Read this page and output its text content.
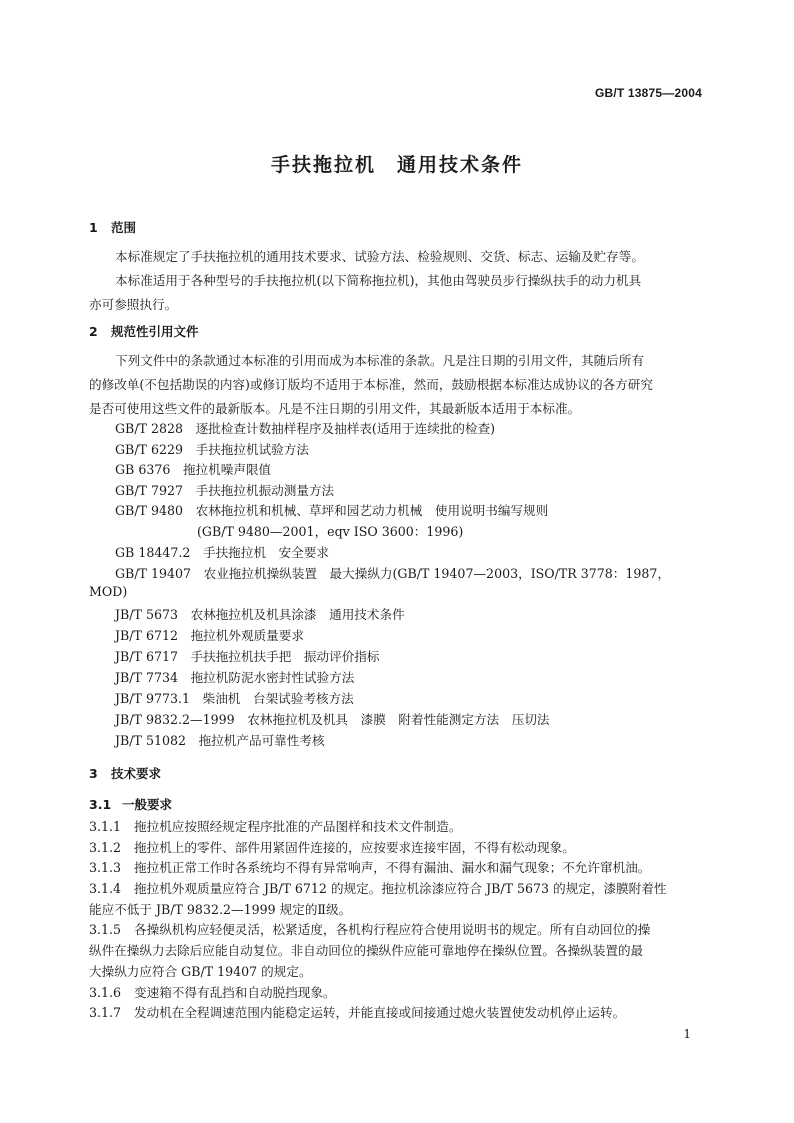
GB/T 13875—2004
手扶拖拉机　通用技术条件
1 范围
本标准规定了手扶拖拉机的通用技术要求、试验方法、检验规则、交货、标志、运输及贮存等。
本标准适用于各种型号的手扶拖拉机(以下简称拖拉机)，其他由驾驶员步行操纵扶手的动力机具
亦可参照执行。
2 规范性引用文件
下列文件中的条款通过本标准的引用而成为本标准的条款。凡是注日期的引用文件，其随后所有
的修改单(不包括勘误的内容)或修订版均不适用于本标准，然而，鼓励根据本标准达成协议的各方研究
是否可使用这些文件的最新版本。凡是不注日期的引用文件，其最新版本适用于本标准。
GB/T 2828　逐批检查计数抽样程序及抽样表(适用于连续批的检查)
GB/T 6229　手扶拖拉机试验方法
GB 6376　拖拉机噪声限值
GB/T 7927　手扶拖拉机振动测量方法
GB/T 9480　农林拖拉机和机械、草坪和园艺动力机械　使用说明书编写规则
(GB/T 9480—2001，eqv ISO 3600：1996)
GB 18447.2　手扶拖拉机　安全要求
GB/T 19407　农业拖拉机操纵装置　最大操纵力(GB/T 19407—2003，ISO/TR 3778：1987，
MOD)
JB/T 5673　农林拖拉机及机具涂漆　通用技术条件
JB/T 6712　拖拉机外观质量要求
JB/T 6717　手扶拖拉机扶手把　振动评价指标
JB/T 7734　拖拉机防泥水密封性试验方法
JB/T 9773.1　柴油机　台架试验考核方法
JB/T 9832.2—1999　农林拖拉机及机具　漆膜　附着性能测定方法　压切法
JB/T 51082　拖拉机产品可靠性考核
3 技术要求
3.1 一般要求
3.1.1 拖拉机应按照经规定程序批准的产品图样和技术文件制造。
3.1.2 拖拉机上的零件、部件用紧固件连接的，应按要求连接牢固，不得有松动现象。
3.1.3 拖拉机正常工作时各系统均不得有异常响声，不得有漏油、漏水和漏气现象；不允许窜机油。
3.1.4 拖拉机外观质量应符合 JB/T 6712 的规定。拖拉机涂漆应符合 JB/T 5673 的规定，漆膜附着性
能应不低于 JB/T 9832.2—1999 规定的Ⅱ级。
3.1.5 各操纵机构应轻便灵活，松紧适度，各机构行程应符合使用说明书的规定。所有自动回位的操
纵件在操纵力去除后应能自动复位。非自动回位的操纵件应能可靠地停在操纵位置。各操纵装置的最
大操纵力应符合 GB/T 19407 的规定。
3.1.6 变速箱不得有乱挡和自动脱挡现象。
3.1.7 发动机在全程调速范围内能稳定运转，并能直接或间接通过熄火装置使发动机停止运转。
1
